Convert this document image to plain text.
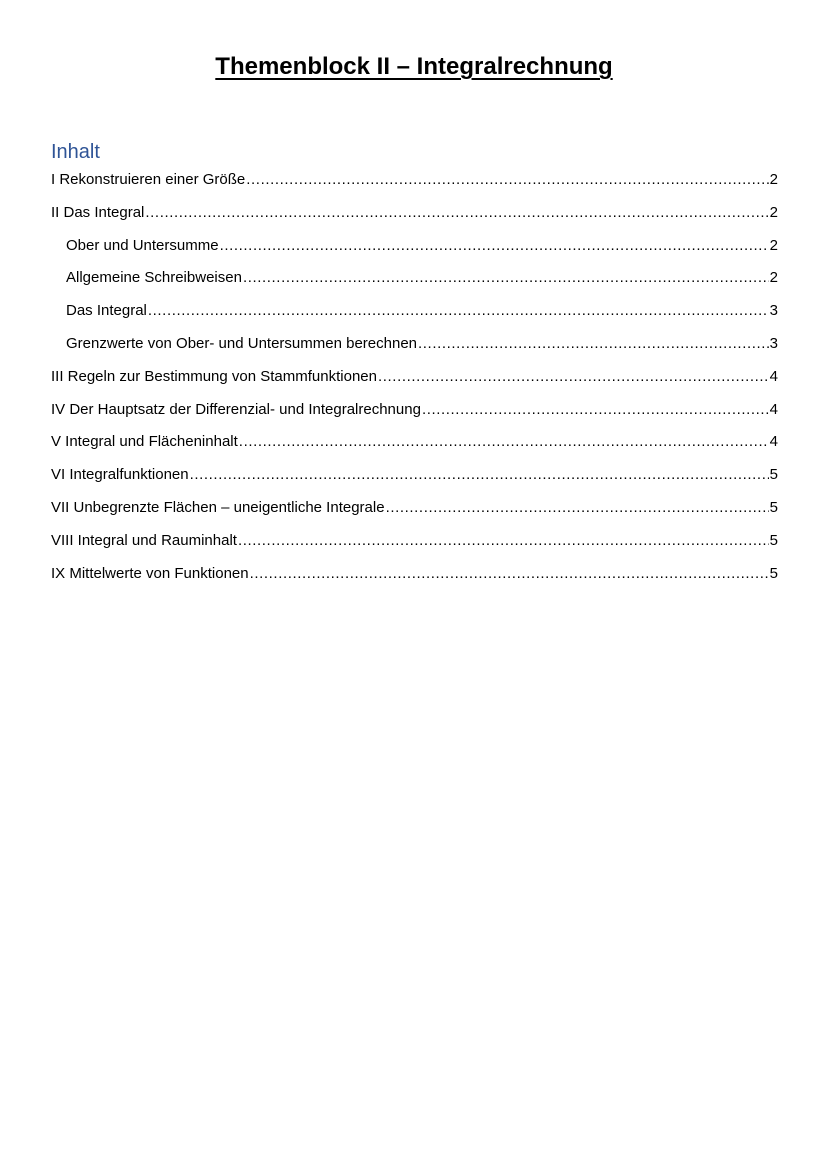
Themenblock II – Integralrechnung
Inhalt
I Rekonstruieren einer Größe .....	2
II Das Integral .....	2
Ober und Untersumme .....	2
Allgemeine Schreibweisen .....	2
Das Integral .....	3
Grenzwerte von Ober- und Untersummen berechnen .....	3
III Regeln zur Bestimmung von Stammfunktionen .....	4
IV Der Hauptsatz der Differenzial- und Integralrechnung .....	4
V Integral und Flächeninhalt .....	4
VI Integralfunktionen .....	5
VII Unbegrenzte Flächen – uneigentliche Integrale .....	5
VIII Integral und Rauminhalt .....	5
IX Mittelwerte von Funktionen .....	5
